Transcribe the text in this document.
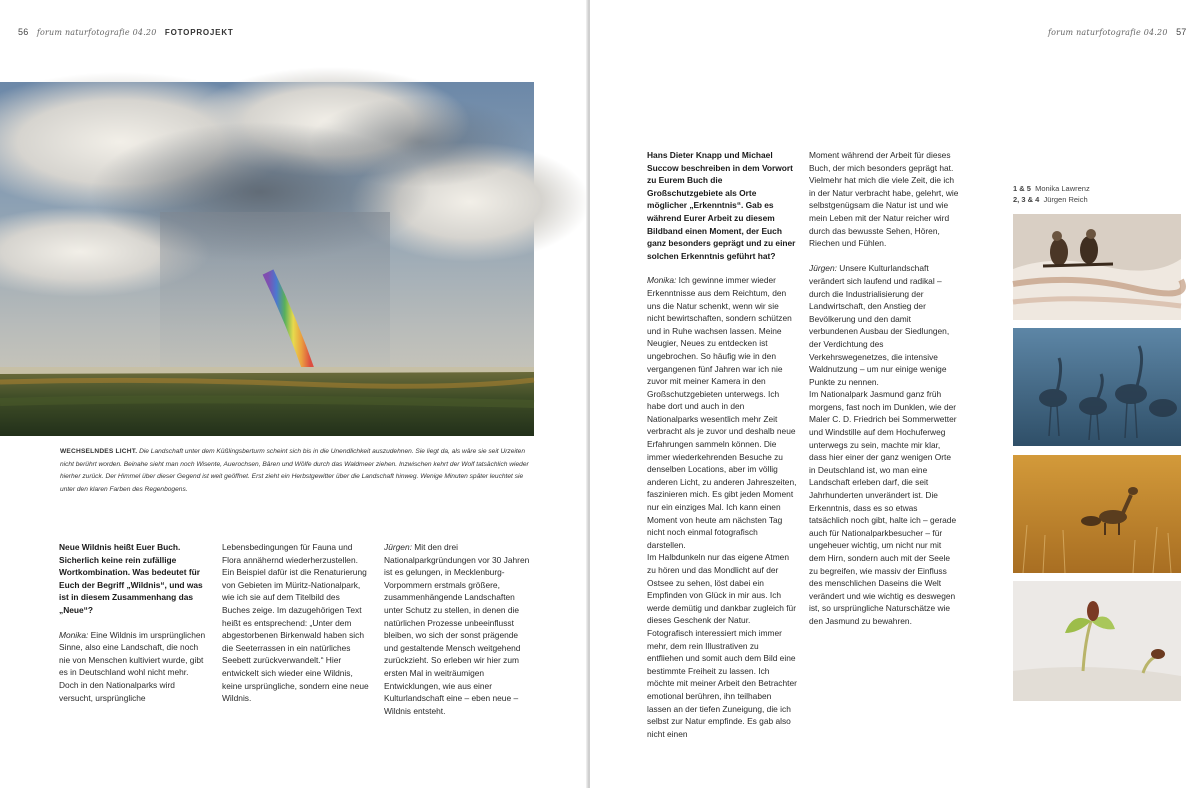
56 forum naturfotografie 04.20 FOTOPROJEKT
WECHSELNDES LICHT. Die Landschaft unter dem Küßlingsberturm scheint sich bis in die Unendlichkeit auszudehnen. Sie liegt da, als wäre sie seit Urzeiten nicht berührt worden. Beinahe sieht man noch Wisente, Auerochsen, Bären und Wölfe durch das Waldmeer ziehen. Inzwischen kehrt der Wolf tatsächlich wieder hierher zurück. Der Himmel über dieser Gegend ist weit geöffnet. Erst zieht ein Herbstgewitter über die Landschaft hinweg. Wenige Minuten später leuchtet sie unter den klaren Farben des Regenbogens.

Neue Wildnis heißt Euer Buch. Sicherlich keine rein zufällige Wortkombination. Was bedeutet für Euch der Begriff „Wildnis“, und was ist in diesem Zusammenhang das „Neue“?

Monika: Eine Wildnis im ursprünglichen Sinne, also eine Landschaft, die noch nie von Menschen kultiviert wurde, gibt es in Deutschland wohl nicht mehr. Doch in den Nationalparks wird versucht, ursprüngliche

Lebensbedingungen für Fauna und Flora annähernd wiederherzustellen. Ein Beispiel dafür ist die Renaturierung von Gebieten im Müritz-Nationalpark, wie ich sie auf dem Titelbild des Buches zeige. Im dazugehörigen Text heißt es entsprechend: „Unter dem abgestorbenen Birkenwald haben sich die Seeterrassen in ein natürliches Seebett zurückverwandelt.“ Hier entwickelt sich wieder eine Wildnis, keine ursprüngliche, sondern eine neue Wildnis.

Jürgen: Mit den drei Nationalparkgründungen vor 30 Jahren ist es gelungen, in Mecklenburg-Vorpommern erstmals größere, zusammenhängende Landschaften unter Schutz zu stellen, in denen die natürlichen Prozesse unbeeinflusst bleiben, wo sich der sonst prägende und gestaltende Mensch weitgehend zurückzieht. So erleben wir hier zum ersten Mal in weiträumigen Entwicklungen, wie aus einer Kulturlandschaft eine – eben neue – Wildnis entsteht.

forum naturfotografie 04.20 57

Hans Dieter Knapp und Michael Succow beschreiben in dem Vorwort zu Eurem Buch die Großschutzgebiete als Orte möglicher „Erkenntnis“. Gab es während Eurer Arbeit zu diesem Bildband einen Moment, der Euch ganz besonders geprägt und zu einer solchen Erkenntnis geführt hat?

Monika: Ich gewinne immer wieder Erkenntnisse aus dem Reichtum, den uns die Natur schenkt, wenn wir sie nicht bewirtschaften, sondern schützen und in Ruhe wachsen lassen. Meine Neugier, Neues zu entdecken ist ungebrochen. So häufig wie in den vergangenen fünf Jahren war ich nie zuvor mit meiner Kamera in den Großschutzgebieten unterwegs. Ich habe dort und auch in den Nationalparks wesentlich mehr Zeit verbracht als je zuvor und deshalb neue Erfahrungen sammeln können. Die immer wiederkehrenden Besuche zu denselben Locations, aber im völlig anderen Licht, zu anderen Jahreszeiten, faszinieren mich. Es gibt jeden Moment nur ein einziges Mal. Ich kann einen Moment von heute am nächsten Tag nicht noch einmal fotografisch darstellen.

Im Halbdunkeln nur das eigene Atmen zu hören und das Mondlicht auf der Ostsee zu sehen, löst dabei ein Empfinden von Glück in mir aus. Ich werde demütig und dankbar zugleich für dieses Geschenk der Natur. Fotografisch interessiert mich immer mehr, dem rein Illustrativen zu entfliehen und somit auch dem Bild eine bestimmte Freiheit zu lassen. Ich möchte mit meiner Arbeit den Betrachter emotional berühren, ihn teilhaben lassen an der tiefen Zuneigung, die ich selbst zur Natur empfinde. Es gab also nicht einen

Moment während der Arbeit für dieses Buch, der mich besonders geprägt hat. Vielmehr hat mich die viele Zeit, die ich in der Natur verbracht habe, gelehrt, wie selbstgenügsam die Natur ist und wie mein Leben mit der Natur reicher wird durch das bewusste Sehen, Hören, Riechen und Fühlen.

Jürgen: Unsere Kulturlandschaft verändert sich laufend und radikal – durch die Industrialisierung der Landwirtschaft, den Anstieg der Bevölkerung und den damit verbundenen Ausbau der Siedlungen, der Verdichtung des Verkehrswegenetzes, die intensive Waldnutzung – um nur einige wenige Punkte zu nennen.

Im Nationalpark Jasmund ganz früh morgens, fast noch im Dunklen, wie der Maler C. D. Friedrich bei Sommerwetter und Windstille auf dem Hochuferweg unterwegs zu sein, machte mir klar, dass hier einer der ganz wenigen Orte in Deutschland ist, wo man eine Landschaft erleben darf, die seit Jahrhunderten unverändert ist. Die Erkenntnis, dass es so etwas tatsächlich noch gibt, halte ich – gerade auch für Nationalparkbesucher – für ungeheuer wichtig, um nicht nur mit dem Hirn, sondern auch mit der Seele zu begreifen, wie massiv der Einfluss des menschlichen Daseins die Welt verändert und wie wichtig es deswegen ist, so ursprüngliche Naturschätze wie den Jasmund zu bewahren.

1 & 5 Monika Lawrenz
2, 3 & 4 Jürgen Reich
